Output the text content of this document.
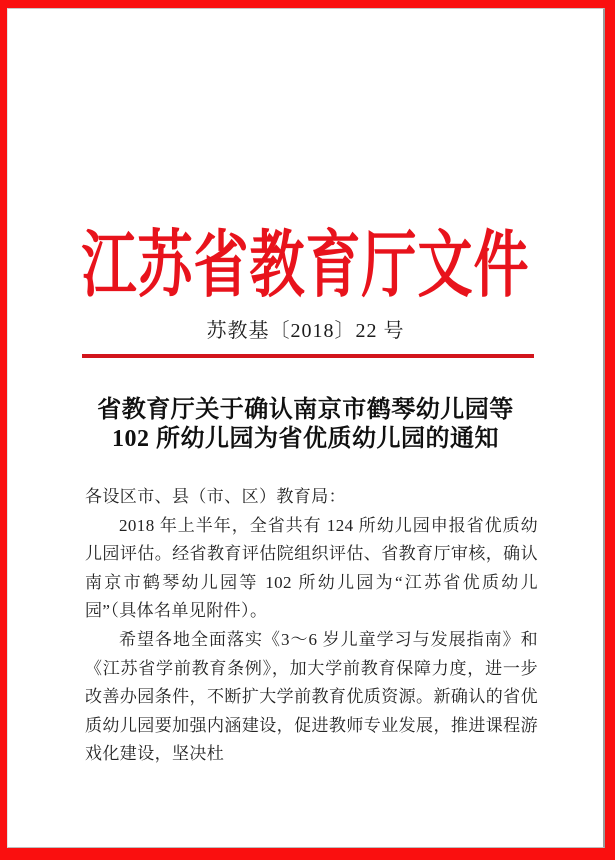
江苏省教育厅文件
苏教基〔2018〕22 号
省教育厅关于确认南京市鹤琴幼儿园等
102 所幼儿园为省优质幼儿园的通知

各设区市、县（市、区）教育局：

2018 年上半年，全省共有 124 所幼儿园申报省优质幼儿园评估。经省教育评估院组织评估、省教育厅审核，确认南京市鹤琴幼儿园等 102 所幼儿园为“江苏省优质幼儿园”（具体名单见附件）。

希望各地全面落实《3～6 岁儿童学习与发展指南》和《江苏省学前教育条例》，加大学前教育保障力度，进一步改善办园条件，不断扩大学前教育优质资源。新确认的省优质幼儿园要加强内涵建设，促进教师专业发展，推进课程游戏化建设，坚决杜
